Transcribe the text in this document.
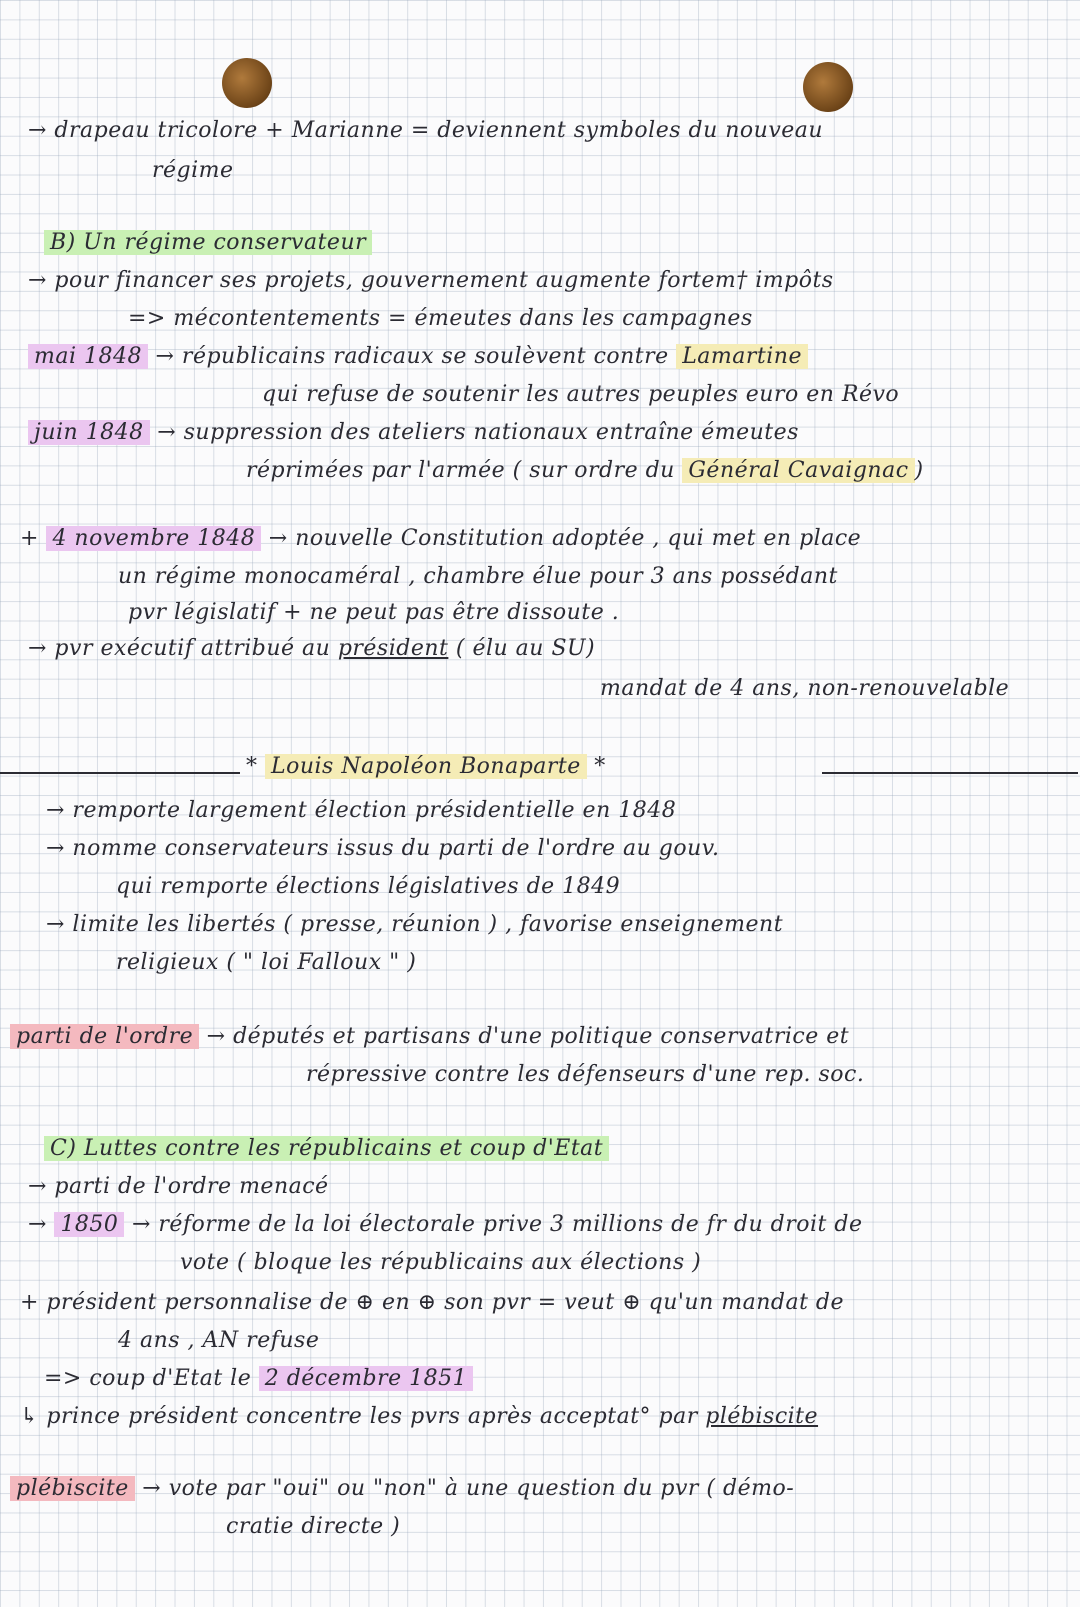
→ drapeau tricolore + Marianne = deviennent symboles du nouveau
régime
B) Un régime conservateur
→ pour financer ses projets, gouvernement augmente fortem† impôts
=> mécontentements = émeutes dans les campagnes
mai 1848 → républicains radicaux se soulèvent contre Lamartine
qui refuse de soutenir les autres peuples euro en Révo
juin 1848 → suppression des ateliers nationaux entraîne émeutes
réprimées par l'armée ( sur ordre du Général Cavaignac )
+ 4 novembre 1848 → nouvelle Constitution adoptée , qui met en place
un régime monocaméral , chambre élue pour 3 ans possédant
pvr législatif + ne peut pas être dissoute .
→ pvr exécutif attribué au président ( élu au SU)
mandat de 4 ans, non-renouvelable
* Louis Napoléon Bonaparte *
→ remporte largement élection présidentielle en 1848
→ nomme conservateurs issus du parti de l'ordre au gouv.
qui remporte élections législatives de 1849
→ limite les libertés ( presse, réunion ) , favorise enseignement
religieux ( " loi Falloux " )
parti de l'ordre → députés et partisans d'une politique conservatrice et
répressive contre les défenseurs d'une rep. soc.
C) Luttes contre les républicains et coup d'Etat
→ parti de l'ordre menacé
→ 1850 → réforme de la loi électorale prive 3 millions de fr du droit de
vote ( bloque les républicains aux élections )
+ président personnalise de ⊕ en ⊕ son pvr = veut ⊕ qu'un mandat de
4 ans , AN refuse
=> coup d'Etat le 2 décembre 1851
↳ prince président concentre les pvrs après acceptat° par plébiscite
plébiscite → vote par "oui" ou "non" à une question du pvr ( démo-
cratie directe )
